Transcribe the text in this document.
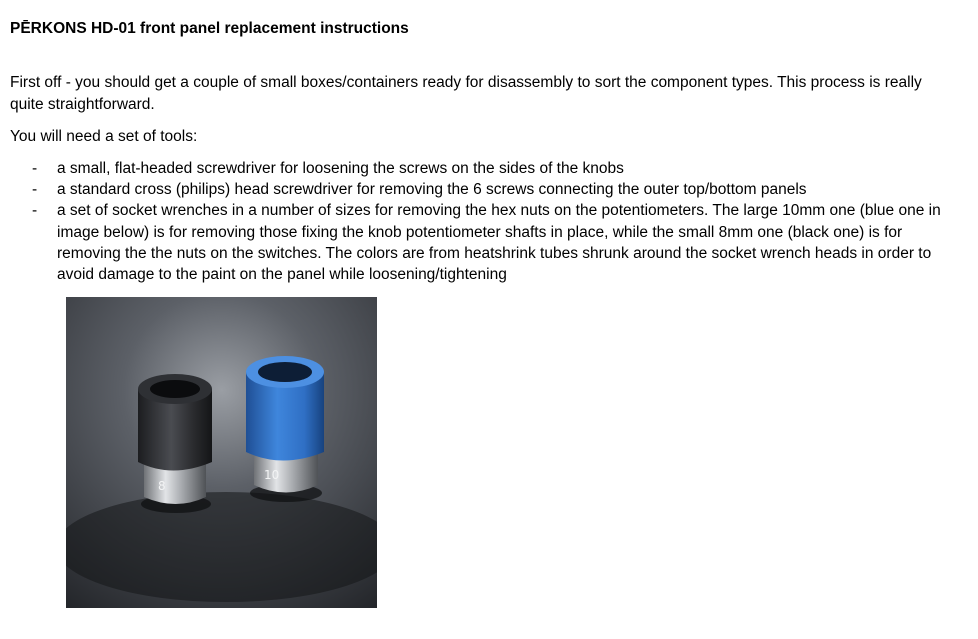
PĒRKONS HD-01 front panel replacement instructions
First off - you should get a couple of small boxes/containers ready for disassembly to sort the component types. This process is really quite straightforward.
You will need a set of tools:
- a small, flat-headed screwdriver for loosening the screws on the sides of the knobs
- a standard cross (philips) head screwdriver for removing the 6 screws connecting the outer top/bottom panels
- a set of socket wrenches in a number of sizes for removing the hex nuts on the potentiometers. The large 10mm one (blue one in image below) is for removing those fixing the knob potentiometer shafts in place, while the small 8mm one (black one) is for removing the the nuts on the switches. The colors are from heatshrink tubes shrunk around the socket wrench heads in order to avoid damage to the paint on the panel while loosening/tightening
8
10
